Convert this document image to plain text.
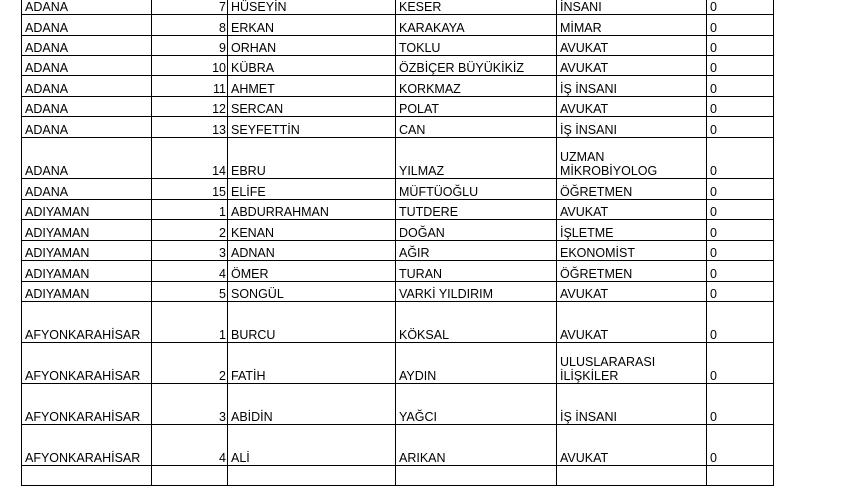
ADANA	7	HÜSEYİN	KESER	İNSANI	0
ADANA	8	ERKAN	KARAKAYA	MİMAR	0
ADANA	9	ORHAN	TOKLU	AVUKAT	0
ADANA	10	KÜBRA	ÖZBİÇER BÜYÜKİKİZ	AVUKAT	0
ADANA	11	AHMET	KORKMAZ	İŞ İNSANI	0
ADANA	12	SERCAN	POLAT	AVUKAT	0
ADANA	13	SEYFETTİN	CAN	İŞ İNSANI	0
ADANA	14	EBRU	YILMAZ	UZMAN MİKROBİYOLOG	0
ADANA	15	ELİFE	MÜFTÜOĞLU	ÖĞRETMEN	0
ADIYAMAN	1	ABDURRAHMAN	TUTDERE	AVUKAT	0
ADIYAMAN	2	KENAN	DOĞAN	İŞLETME	0
ADIYAMAN	3	ADNAN	AĞIR	EKONOMİST	0
ADIYAMAN	4	ÖMER	TURAN	ÖĞRETMEN	0
ADIYAMAN	5	SONGÜL	VARKİ YILDIRIM	AVUKAT	0
AFYONKARAHİSAR	1	BURCU	KÖKSAL	AVUKAT	0
AFYONKARAHİSAR	2	FATİH	AYDIN	ULUSLARARASI İLİŞKİLER	0
AFYONKARAHİSAR	3	ABİDİN	YAĞCI	İŞ İNSANI	0
AFYONKARAHİSAR	4	ALİ	ARIKAN	AVUKAT	0
